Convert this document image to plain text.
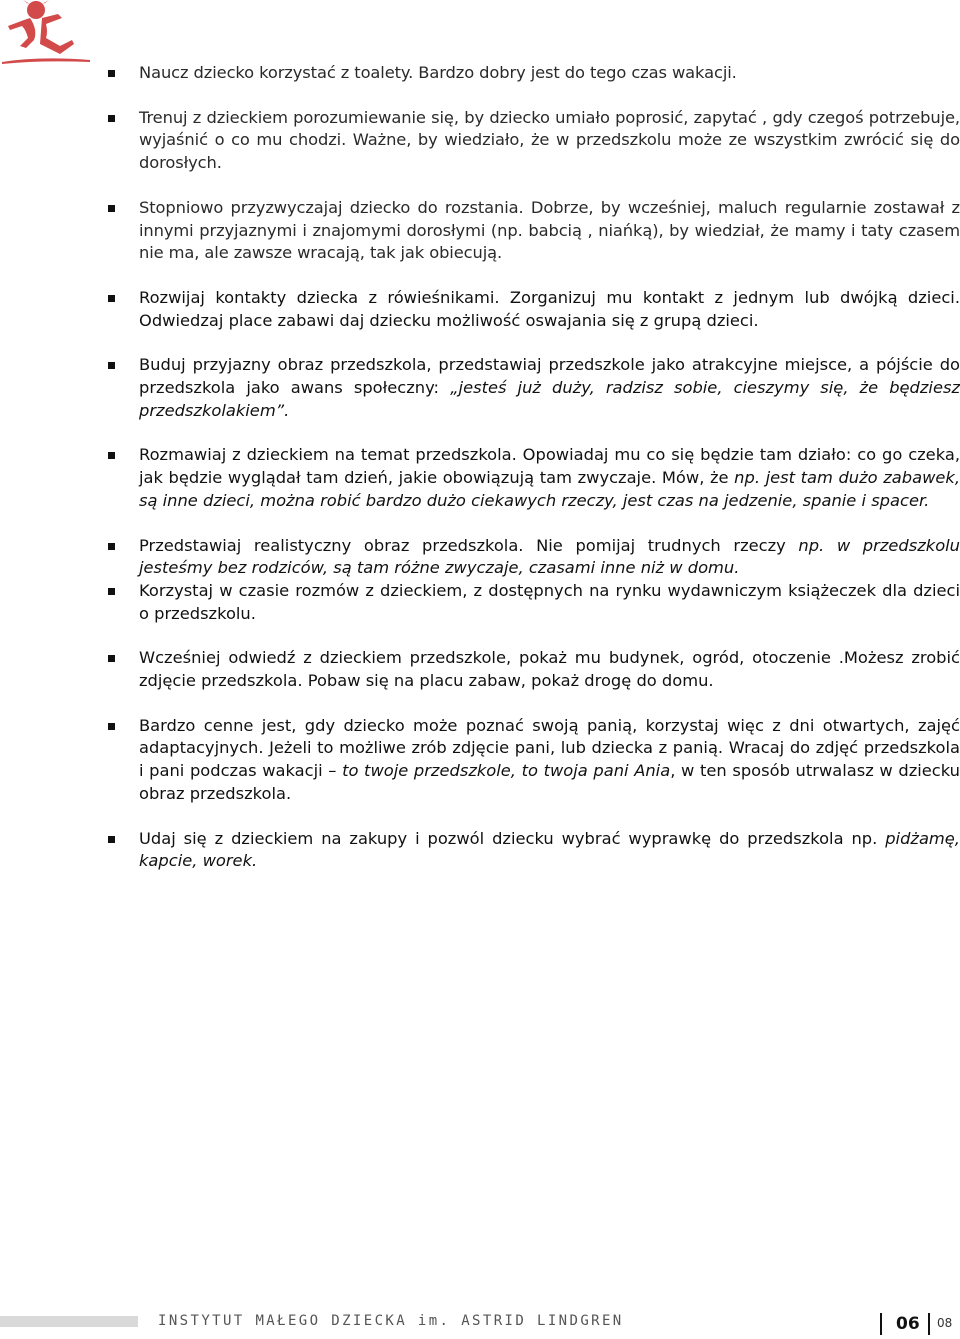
Naucz dziecko korzystać z toalety. Bardzo dobry jest do tego czas wakacji.
Trenuj z dzieckiem porozumiewanie się, by dziecko umiało poprosić, zapytać , gdy czegoś potrzebuje, wyjaśnić o co mu chodzi. Ważne, by wiedziało, że w przedszkolu może ze wszystkim zwrócić się do dorosłych.
Stopniowo przyzwyczajaj dziecko do rozstania. Dobrze, by wcześniej, maluch regularnie zostawał z innymi przyjaznymi i znajomymi dorosłymi (np. babcią , niańką), by wiedział, że mamy i taty czasem nie ma, ale zawsze wracają, tak jak obiecują.
Rozwijaj kontakty dziecka z rówieśnikami. Zorganizuj mu kontakt z jednym lub dwójką dzieci. Odwiedzaj place zabawi daj dziecku możliwość oswajania się z grupą dzieci.
Buduj przyjazny obraz przedszkola, przedstawiaj przedszkole jako atrakcyjne miejsce, a pójście do przedszkola jako awans społeczny: „jesteś już duży, radzisz sobie, cieszymy się, że będziesz przedszkolakiem”.
Rozmawiaj z dzieckiem na temat przedszkola. Opowiadaj mu co się będzie tam działo: co go czeka, jak będzie wyglądał tam dzień, jakie obowiązują tam zwyczaje. Mów, że np. jest tam dużo zabawek, są inne dzieci, można robić bardzo dużo ciekawych rzeczy, jest czas na jedzenie, spanie i spacer.
Przedstawiaj realistyczny obraz przedszkola. Nie pomijaj trudnych rzeczy np. w przedszkolu jesteśmy bez rodziców, są tam różne zwyczaje, czasami inne niż w domu.
Korzystaj w czasie rozmów z dzieckiem, z dostępnych na rynku wydawniczym książeczek dla dzieci o przedszkolu.
Wcześniej odwiedź z dzieckiem przedszkole, pokaż mu budynek, ogród, otoczenie .Możesz zrobić zdjęcie przedszkola. Pobaw się na placu zabaw, pokaż drogę do domu.
Bardzo cenne jest, gdy dziecko może poznać swoją panią, korzystaj więc z dni otwartych, zajęć adaptacyjnych. Jeżeli to możliwe zrób zdjęcie pani, lub dziecka z panią. Wracaj do zdjęć przedszkola i pani podczas wakacji – to twoje przedszkole, to twoja pani Ania, w ten sposób utrwalasz w dziecku obraz przedszkola.
Udaj się z dzieckiem na zakupy i pozwól dziecku wybrać wyprawkę do przedszkola np. pidżamę, kapcie, worek.
INSTYTUT MAŁEGO DZIECKA im. ASTRID LINDGREN	06	08
